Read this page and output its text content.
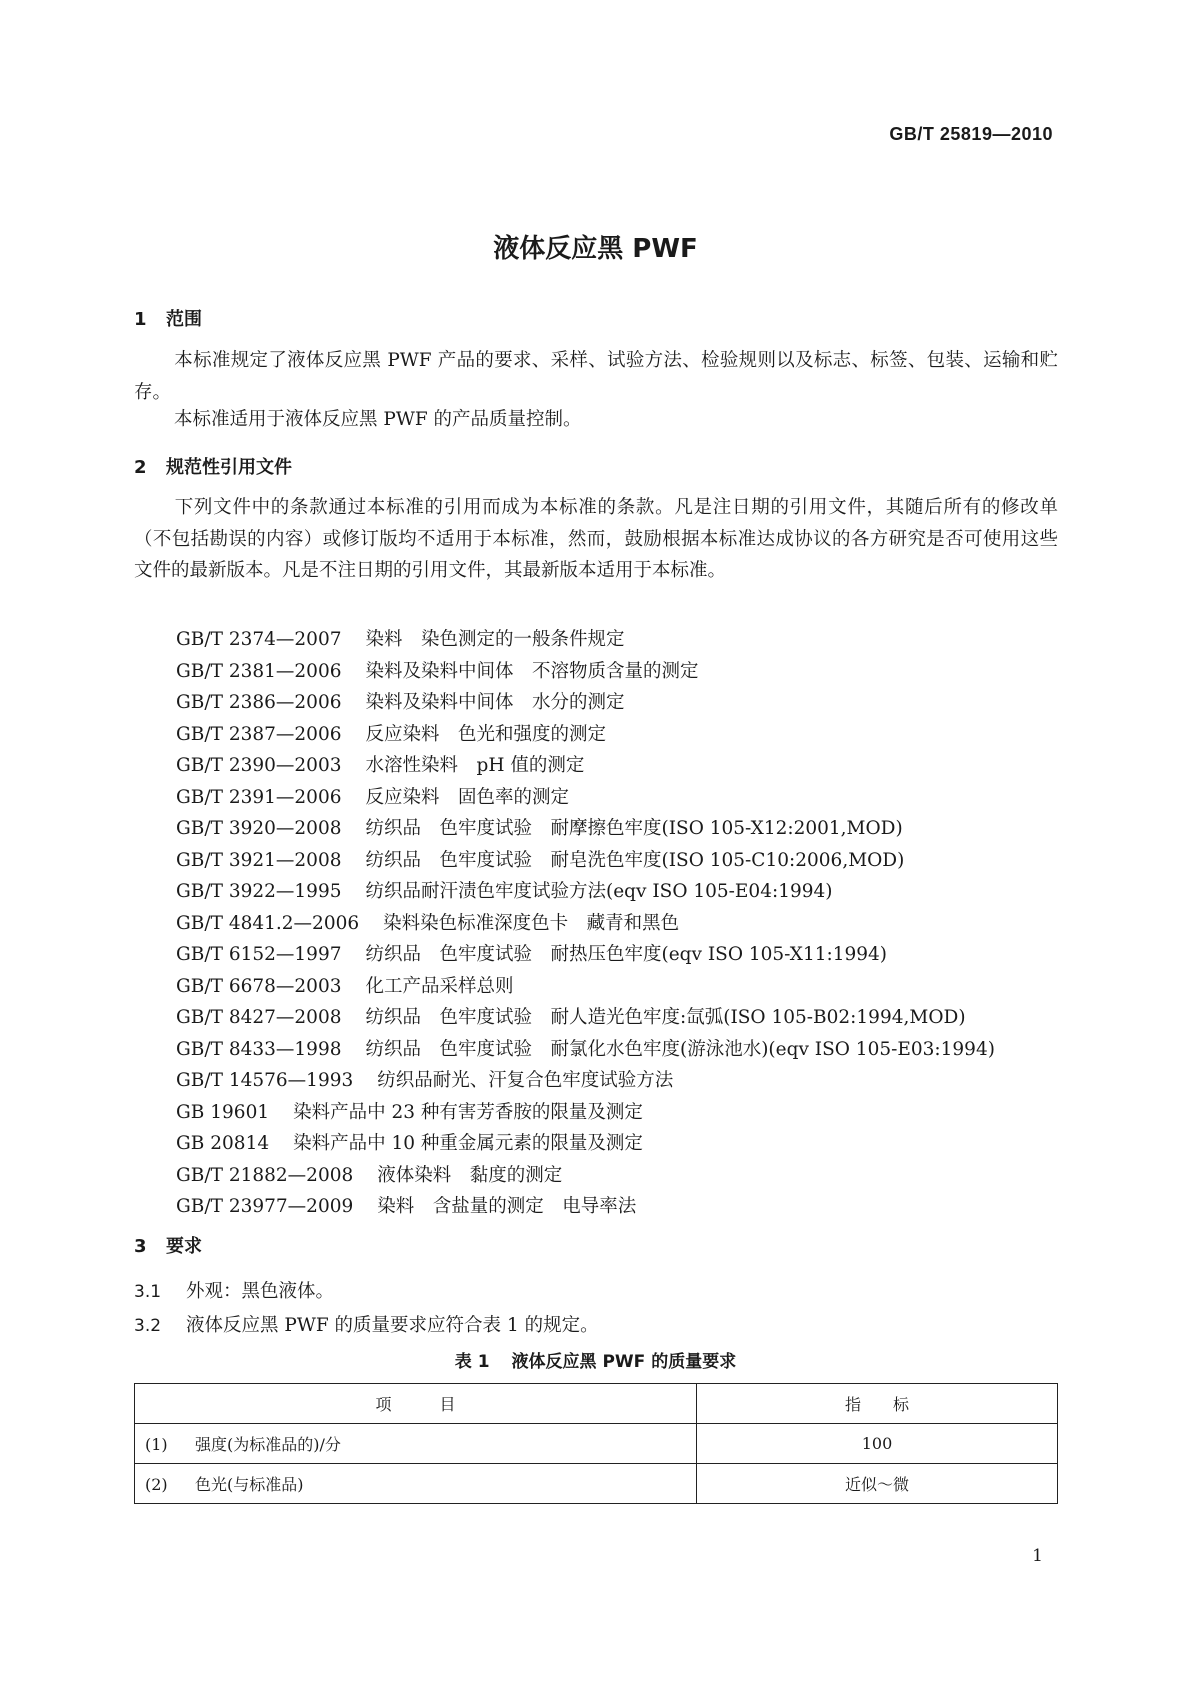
GB/T 25819—2010
液体反应黑 PWF
1 范围
本标准规定了液体反应黑 PWF 产品的要求、采样、试验方法、检验规则以及标志、标签、包装、运输和贮存。
本标准适用于液体反应黑 PWF 的产品质量控制。
2 规范性引用文件
下列文件中的条款通过本标准的引用而成为本标准的条款。凡是注日期的引用文件，其随后所有的修改单（不包括勘误的内容）或修订版均不适用于本标准，然而，鼓励根据本标准达成协议的各方研究是否可使用这些文件的最新版本。凡是不注日期的引用文件，其最新版本适用于本标准。
GB/T 2374—2007 染料　染色测定的一般条件规定
GB/T 2381—2006 染料及染料中间体　不溶物质含量的测定
GB/T 2386—2006 染料及染料中间体　水分的测定
GB/T 2387—2006 反应染料　色光和强度的测定
GB/T 2390—2003 水溶性染料　pH 值的测定
GB/T 2391—2006 反应染料　固色率的测定
GB/T 3920—2008 纺织品　色牢度试验　耐摩擦色牢度(ISO 105-X12:2001,MOD)
GB/T 3921—2008 纺织品　色牢度试验　耐皂洗色牢度(ISO 105-C10:2006,MOD)
GB/T 3922—1995 纺织品耐汗渍色牢度试验方法(eqv ISO 105-E04:1994)
GB/T 4841.2—2006 染料染色标准深度色卡　藏青和黑色
GB/T 6152—1997 纺织品　色牢度试验　耐热压色牢度(eqv ISO 105-X11:1994)
GB/T 6678—2003 化工产品采样总则
GB/T 8427—2008 纺织品　色牢度试验　耐人造光色牢度:氙弧(ISO 105-B02:1994,MOD)
GB/T 8433—1998 纺织品　色牢度试验　耐氯化水色牢度(游泳池水)(eqv ISO 105-E03:1994)
GB/T 14576—1993 纺织品耐光、汗复合色牢度试验方法
GB 19601 染料产品中 23 种有害芳香胺的限量及测定
GB 20814 染料产品中 10 种重金属元素的限量及测定
GB/T 21882—2008 液体染料　黏度的测定
GB/T 23977—2009 染料　含盐量的测定　电导率法
3 要求
3.1 外观：黑色液体。
3.2 液体反应黑 PWF 的质量要求应符合表 1 的规定。
表 1 液体反应黑 PWF 的质量要求
项　　　目	指　　标
(1) 强度(为标准品的)/分	100
(2) 色光(与标准品)	近似～微
1
